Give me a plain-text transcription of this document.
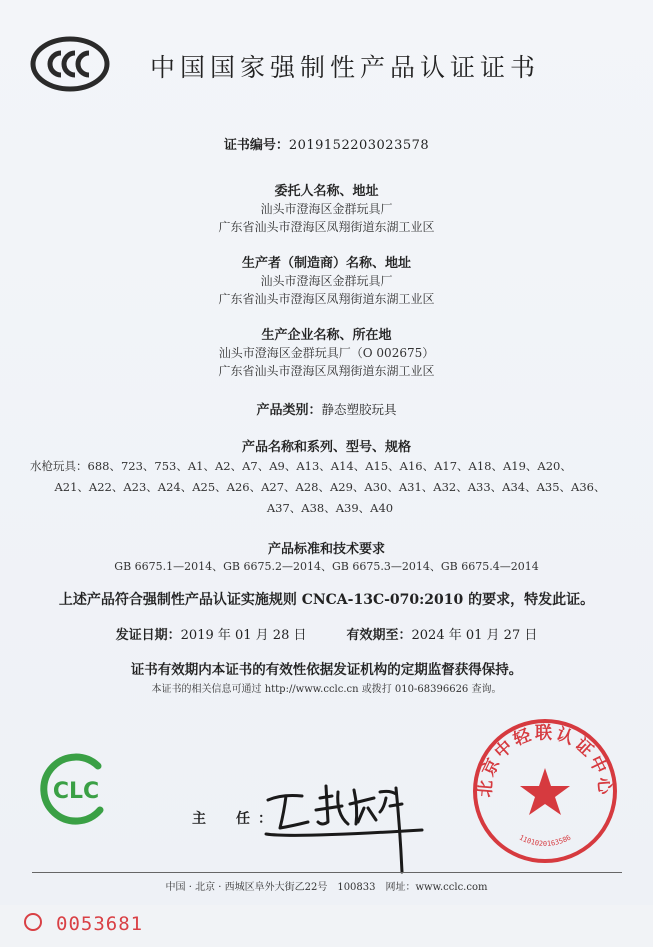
中国国家强制性产品认证证书
证书编号：2019152203023578
委托人名称、地址
汕头市澄海区金群玩具厂
广东省汕头市澄海区凤翔街道东湖工业区
生产者（制造商）名称、地址
汕头市澄海区金群玩具厂
广东省汕头市澄海区凤翔街道东湖工业区
生产企业名称、所在地
汕头市澄海区金群玩具厂（O 002675）
广东省汕头市澄海区凤翔街道东湖工业区
产品类别：静态塑胶玩具
产品名称和系列、型号、规格
水枪玩具：688、723、753、A1、A2、A7、A9、A13、A14、A15、A16、A17、A18、A19、A20、
A21、A22、A23、A24、A25、A26、A27、A28、A29、A30、A31、A32、A33、A34、A35、A36、
A37、A38、A39、A40
产品标准和技术要求
GB 6675.1—2014、GB 6675.2—2014、GB 6675.3—2014、GB 6675.4—2014
上述产品符合强制性产品认证实施规则 CNCA-13C-070:2010 的要求，特发此证。
发证日期：2019 年 01 月 28 日	有效期至：2024 年 01 月 27 日
证书有效期内本证书的有效性依据发证机构的定期监督获得保持。
本证书的相关信息可通过 http://www.cclc.cn 或拨打 010-68396626 查询。
CLC
主　任：
北京中轻联认证中心
1101020163586
中国 · 北京 · 西城区阜外大街乙22号　100833　网址：www.cclc.com
0053681
